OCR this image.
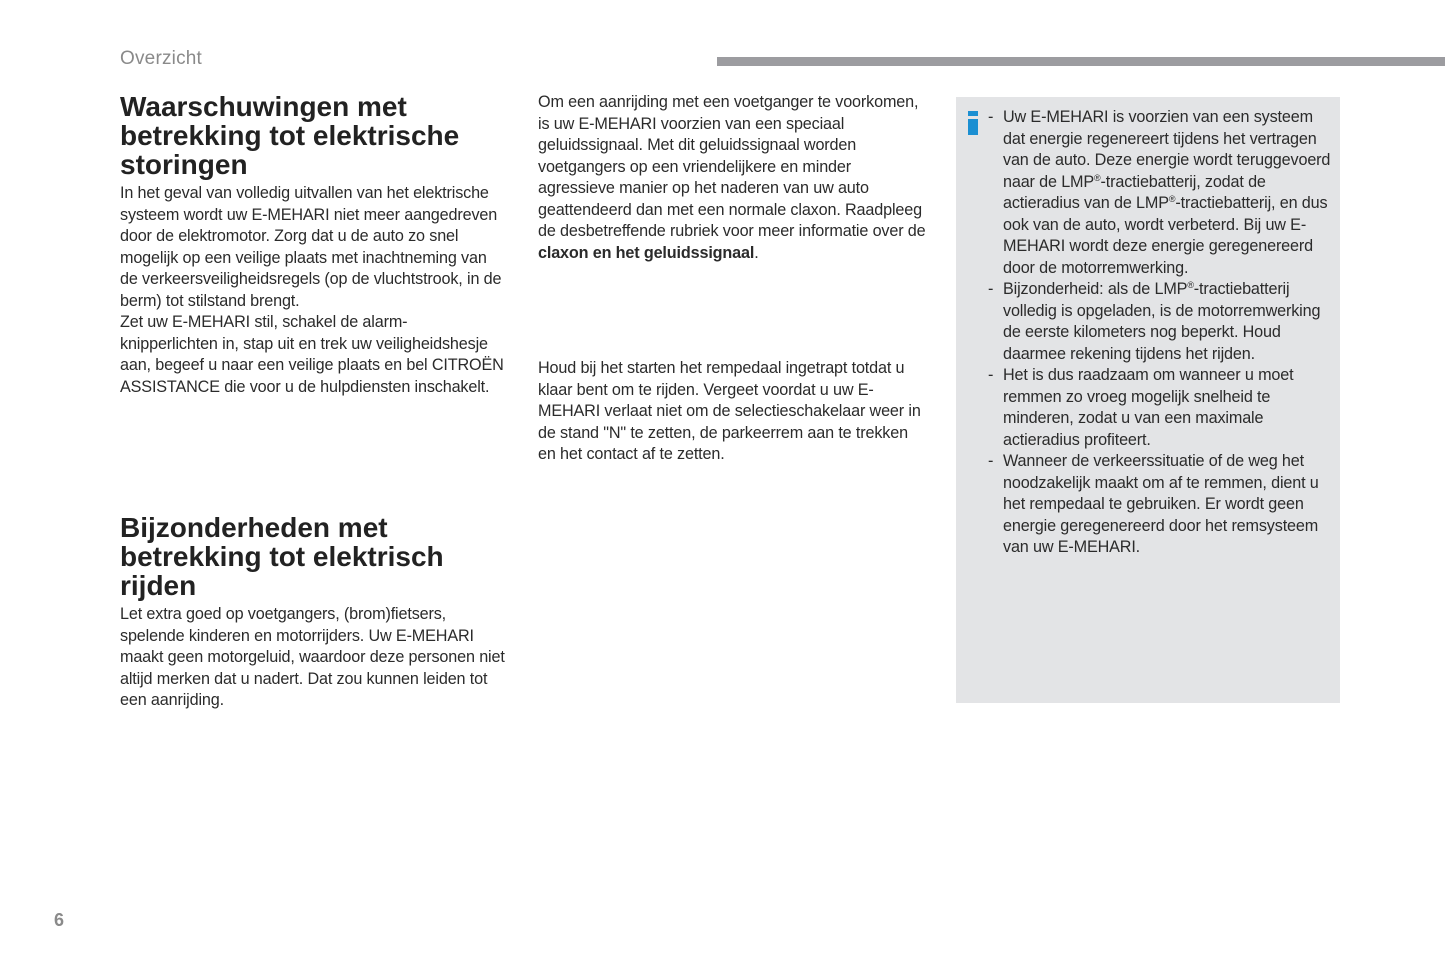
Overzicht
Waarschuwingen met betrekking tot elektrische storingen

In het geval van volledig uitvallen van het elektrische systeem wordt uw E-MEHARI niet meer aangedreven door de elektromotor. Zorg dat u de auto zo snel mogelijk op een veilige plaats met inachtneming van de verkeersveiligheidsregels (op de vluchtstrook, in de berm) tot stilstand brengt.

Zet uw E-MEHARI stil, schakel de alarm-knipperlichten in, stap uit en trek uw veiligheidshesje aan, begeef u naar een veilige plaats en bel CITROËN ASSISTANCE die voor u de hulpdiensten inschakelt.

Bijzonderheden met betrekking tot elektrisch rijden

Let extra goed op voetgangers, (brom)fietsers, spelende kinderen en motorrijders. Uw E-MEHARI maakt geen motorgeluid, waardoor deze personen niet altijd merken dat u nadert. Dat zou kunnen leiden tot een aanrijding.

Om een aanrijding met een voetganger te voorkomen, is uw E-MEHARI voorzien van een speciaal geluidssignaal. Met dit geluidssignaal worden voetgangers op een vriendelijkere en minder agressieve manier op het naderen van uw auto geattendeerd dan met een normale claxon. Raadpleeg de desbetreffende rubriek voor meer informatie over de claxon en het geluidssignaal.

Houd bij het starten het rempedaal ingetrapt totdat u klaar bent om te rijden. Vergeet voordat u uw E-MEHARI verlaat niet om de selectieschakelaar weer in de stand "N" te zetten, de parkeerrem aan te trekken en het contact af te zetten.

- Uw E-MEHARI is voorzien van een systeem dat energie regenereert tijdens het vertragen van de auto. Deze energie wordt teruggevoerd naar de LMP®-tractiebatterij, zodat de actieradius van de LMP®-tractiebatterij, en dus ook van de auto, wordt verbeterd. Bij uw E-MEHARI wordt deze energie geregenereerd door de motorremwerking.
- Bijzonderheid: als de LMP®-tractiebatterij volledig is opgeladen, is de motorremwerking de eerste kilometers nog beperkt. Houd daarmee rekening tijdens het rijden.
- Het is dus raadzaam om wanneer u moet remmen zo vroeg mogelijk snelheid te minderen, zodat u van een maximale actieradius profiteert.
- Wanneer de verkeerssituatie of de weg het noodzakelijk maakt om af te remmen, dient u het rempedaal te gebruiken. Er wordt geen energie geregenereerd door het remsysteem van uw E-MEHARI.
6
